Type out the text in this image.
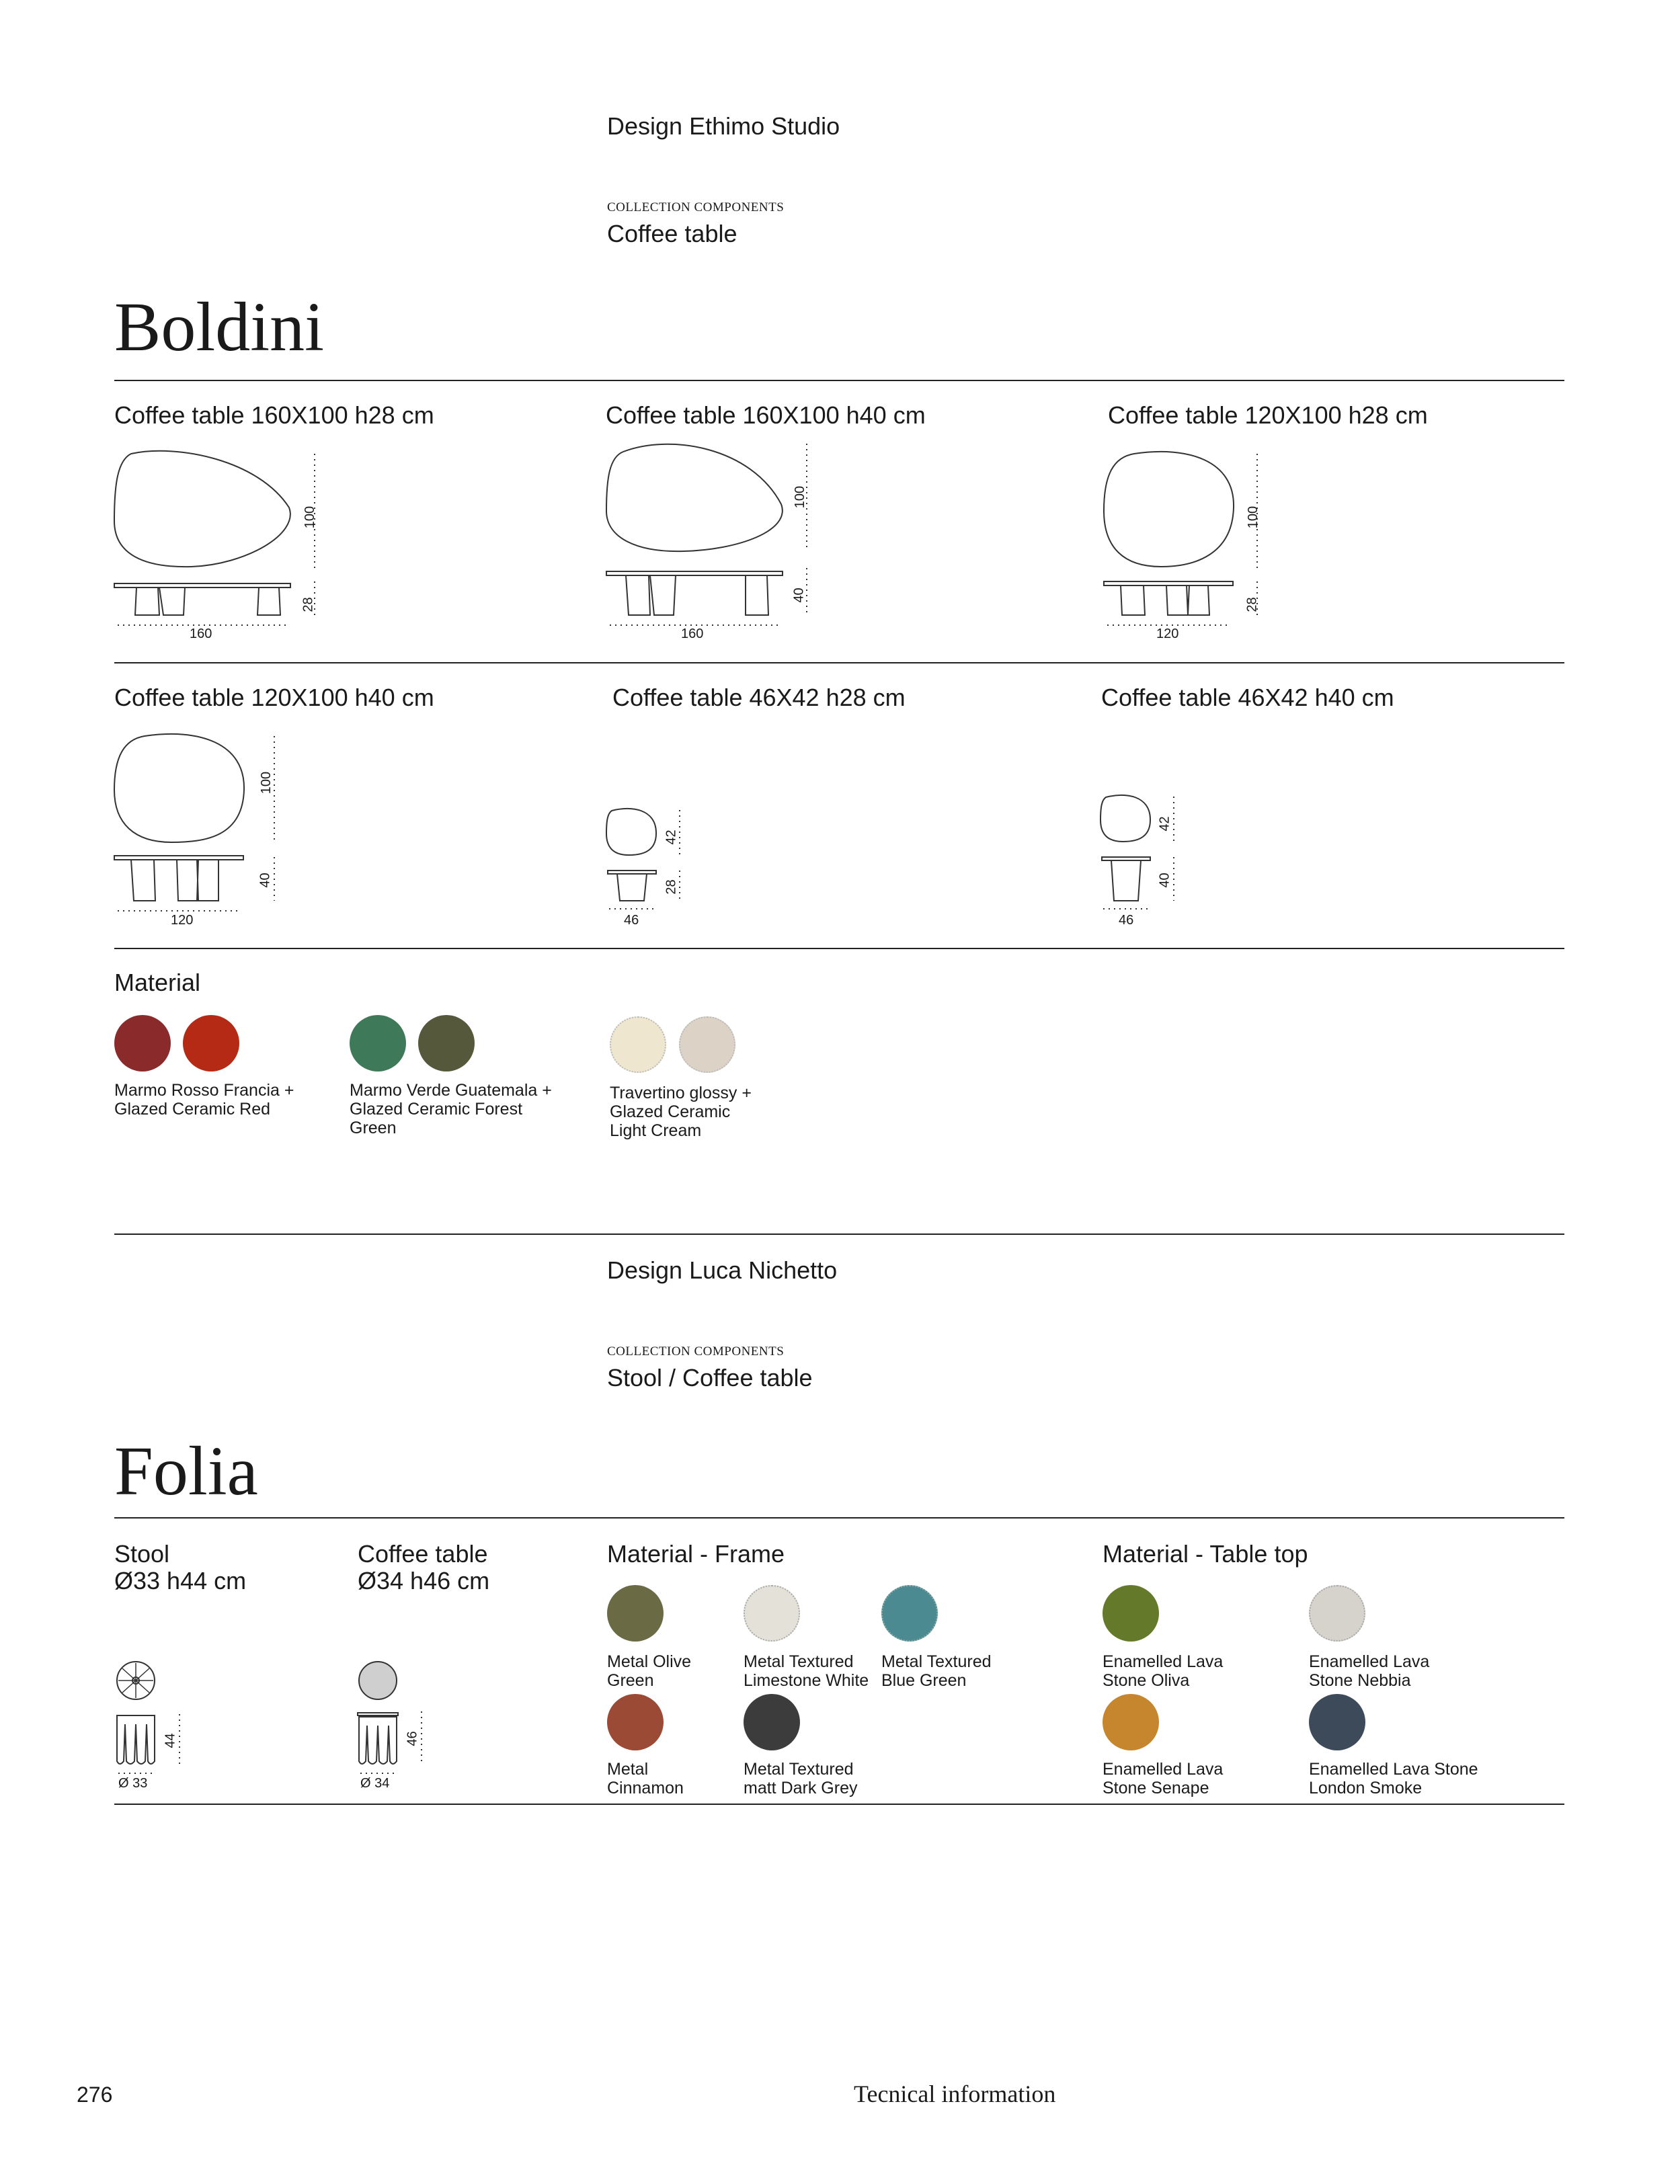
Design Ethimo Studio
COLLECTION COMPONENTS
Coffee table
Boldini
Coffee table 160X100 h28 cm	Coffee table 160X100 h40 cm	Coffee table 120X100 h28 cm
100
28
160
100
40
160
100
28
120
Coffee table 120X100 h40 cm	Coffee table 46X42 h28 cm	Coffee table 46X42 h40 cm
100
40
120
42
28
46
42
40
46
Material
Marmo Rosso Francia +
Glazed Ceramic Red
Marmo Verde Guatemala +
Glazed Ceramic Forest
Green
Travertino glossy +
Glazed Ceramic
Light Cream
Design Luca Nichetto
COLLECTION COMPONENTS
Stool / Coffee table
Folia
Stool
Ø33 h44 cm
Coffee table
Ø34 h46 cm
44
Ø 33
46
Ø 34
Material - Frame
Metal Olive
Green
Metal Textured
Limestone White
Metal Textured
Blue Green
Metal
Cinnamon
Metal Textured
matt Dark Grey
Material - Table top
Enamelled Lava
Stone Oliva
Enamelled Lava
Stone Nebbia
Enamelled Lava
Stone Senape
Enamelled Lava Stone
London Smoke
276	Tecnical information
